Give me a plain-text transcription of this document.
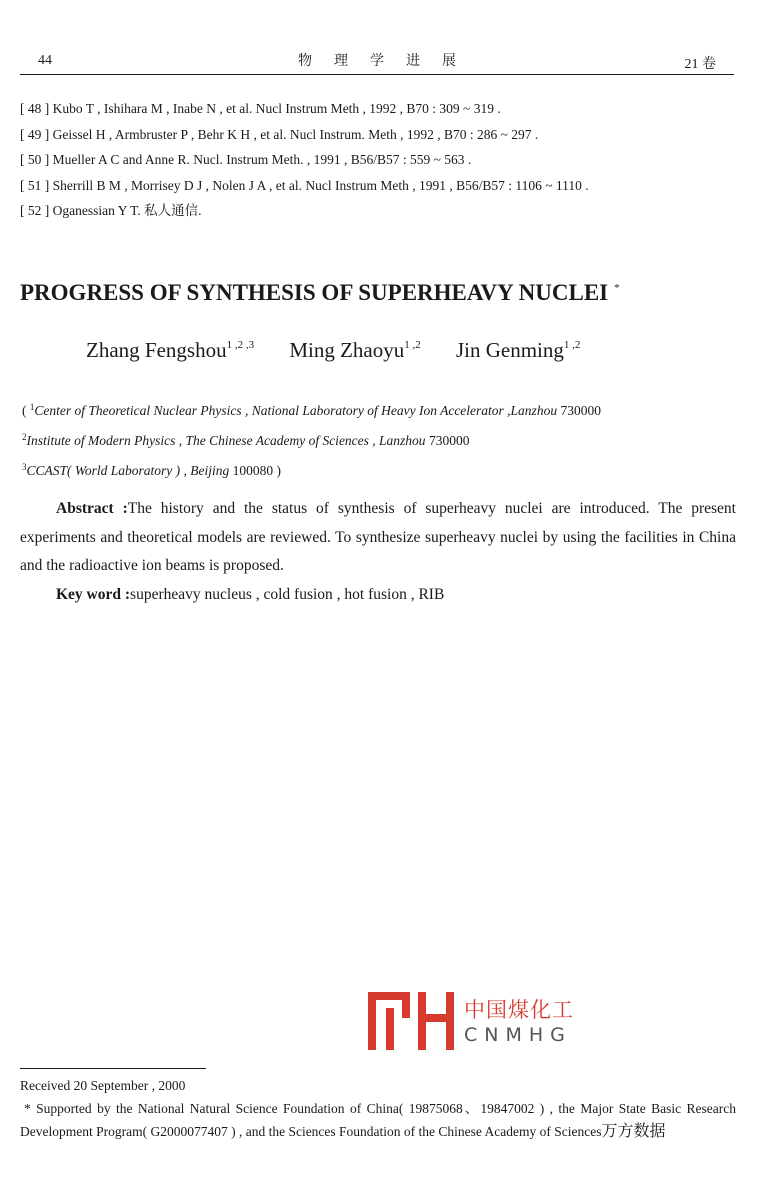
44	物理学进展	21 卷
[ 48 ] Kubo T , Ishihara M , Inabe N , et al. Nucl Instrum Meth , 1992 , B70 : 309 ~ 319 .
[ 49 ] Geissel H , Armbruster P , Behr K H , et al. Nucl Instrum. Meth , 1992 , B70 : 286 ~ 297 .
[ 50 ] Mueller A C and Anne R. Nucl. Instrum Meth. , 1991 , B56/B57 : 559 ~ 563 .
[ 51 ] Sherrill B M , Morrisey D J , Nolen J A , et al. Nucl Instrum Meth , 1991 , B56/B57 : 1106 ~ 1110 .
[ 52 ] Oganessian Y T. 私人通信.
PROGRESS OF SYNTHESIS OF SUPERHEAVY NUCLEI *
Zhang Fengshou$^{1 ,2 ,3}$ Ming Zhaoyu$^{1 ,2}$ Jin Genming$^{1 ,2}$
( $^1$Center of Theoretical Nuclear Physics , National Laboratory of Heavy Ion Accelerator ,Lanzhou 730000
$^2$Institute of Modern Physics , The Chinese Academy of Sciences , Lanzhou 730000
$^3$CCAST( World Laboratory ) , Beijing 100080 )

Abstract :The history and the status of synthesis of superheavy nuclei are introduced. The present experiments and theoretical models are reviewed. To synthesize superheavy nuclei by using the facilities in China and the radioactive ion beams is proposed.

Key word :superheavy nucleus , cold fusion , hot fusion , RIB

中国煤化工
CNMHG

Received 20 September , 2000

* Supported by the National Natural Science Foundation of China( 19875068、19847002 ) , the Major State Basic Research Development Program( G2000077407 ) , and the Sciences Foundation of the Chinese Academy of Sciences万方数据
